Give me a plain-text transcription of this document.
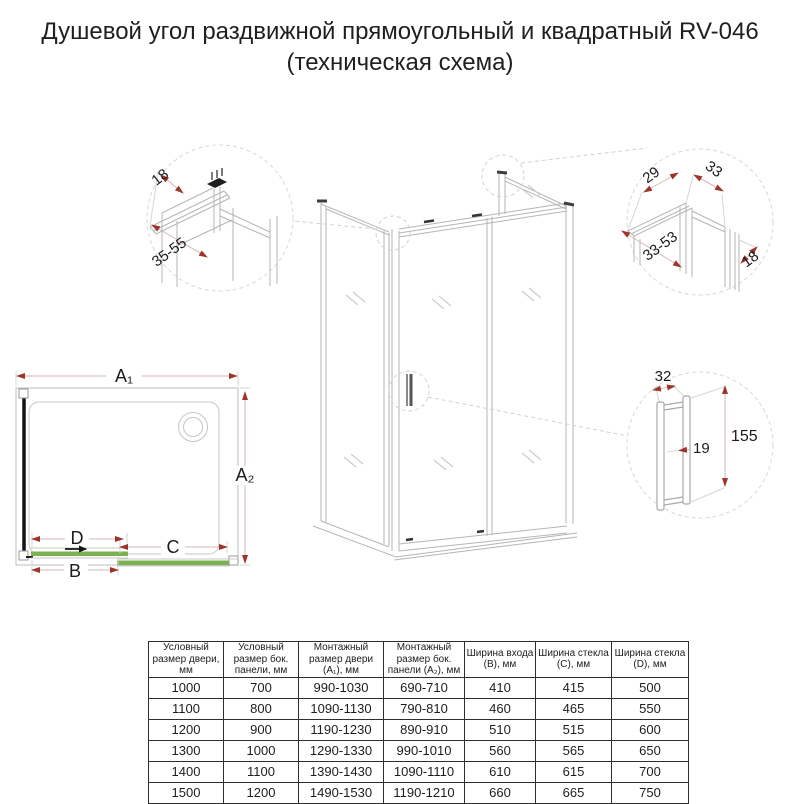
Душевой угол раздвижной прямоугольный и квадратный RV-046
(техническая схема)
18
35-55
29	33
33-53	18
32
19
155
A₁
A₂
D	C
B
Условный размер двери, мм	Условный размер бок. панели, мм	Монтажный размер двери (A₁), мм	Монтажный размер бок. панели (A₂), мм	Ширина входа (B), мм	Ширина стекла (C), мм	Ширина стекла (D), мм
1000	700	990-1030	690-710	410	415	500
1100	800	1090-1130	790-810	460	465	550
1200	900	1190-1230	890-910	510	515	600
1300	1000	1290-1330	990-1010	560	565	650
1400	1100	1390-1430	1090-1110	610	615	700
1500	1200	1490-1530	1190-1210	660	665	750
